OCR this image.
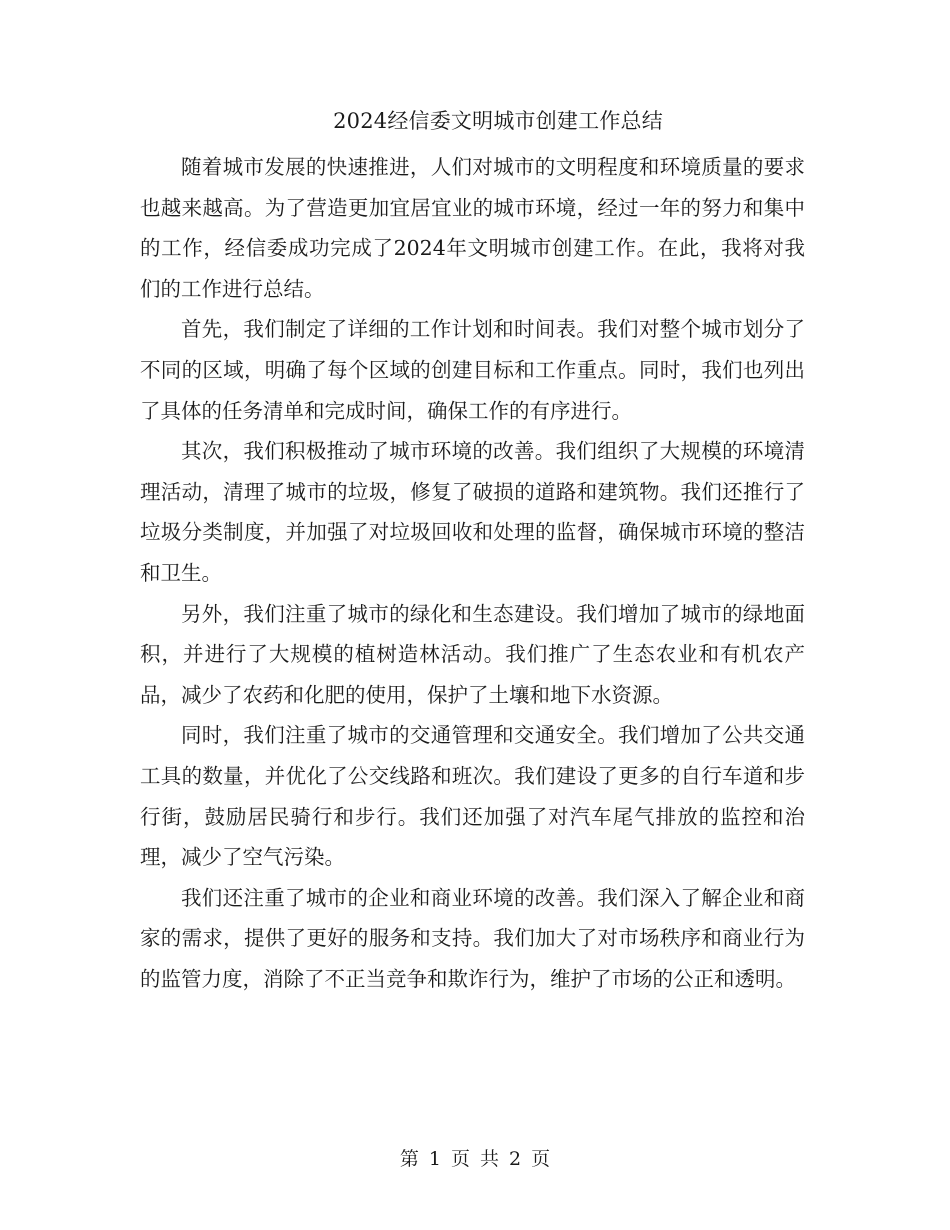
2024经信委文明城市创建工作总结

随着城市发展的快速推进，人们对城市的文明程度和环境质量的要求也越来越高。为了营造更加宜居宜业的城市环境，经过一年的努力和集中的工作，经信委成功完成了2024年文明城市创建工作。在此，我将对我们的工作进行总结。

首先，我们制定了详细的工作计划和时间表。我们对整个城市划分了不同的区域，明确了每个区域的创建目标和工作重点。同时，我们也列出了具体的任务清单和完成时间，确保工作的有序进行。

其次，我们积极推动了城市环境的改善。我们组织了大规模的环境清理活动，清理了城市的垃圾，修复了破损的道路和建筑物。我们还推行了垃圾分类制度，并加强了对垃圾回收和处理的监督，确保城市环境的整洁和卫生。

另外，我们注重了城市的绿化和生态建设。我们增加了城市的绿地面积，并进行了大规模的植树造林活动。我们推广了生态农业和有机农产品，减少了农药和化肥的使用，保护了土壤和地下水资源。

同时，我们注重了城市的交通管理和交通安全。我们增加了公共交通工具的数量，并优化了公交线路和班次。我们建设了更多的自行车道和步行街，鼓励居民骑行和步行。我们还加强了对汽车尾气排放的监控和治理，减少了空气污染。

我们还注重了城市的企业和商业环境的改善。我们深入了解企业和商家的需求，提供了更好的服务和支持。我们加大了对市场秩序和商业行为的监管力度，消除了不正当竞争和欺诈行为，维护了市场的公正和透明。

第 1 页 共 2 页
